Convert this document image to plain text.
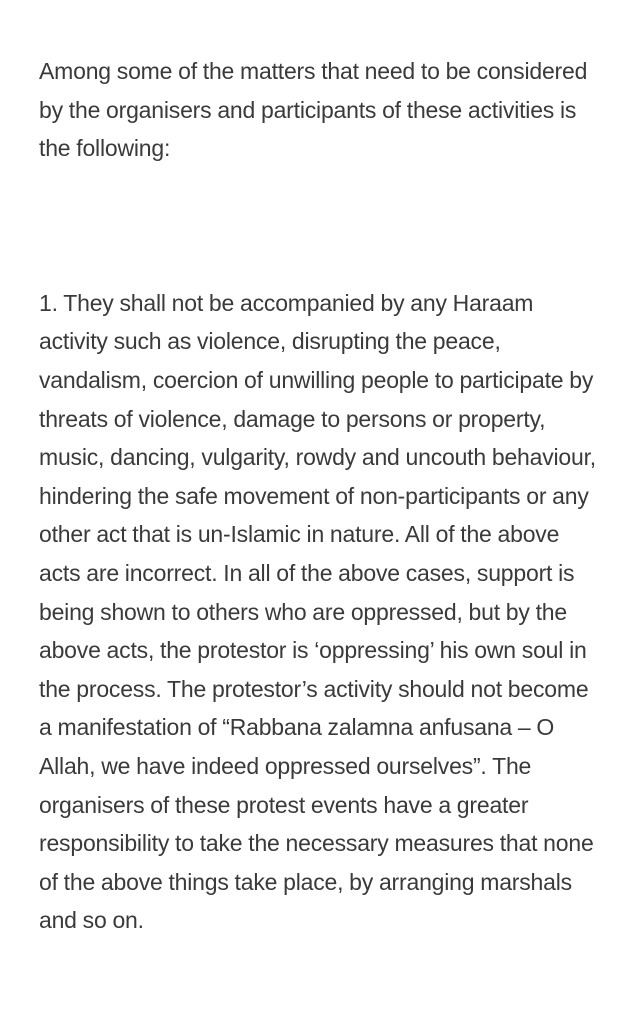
Among some of the matters that need to be considered by the organisers and participants of these activities is the following:

1. They shall not be accompanied by any Haraam activity such as violence, disrupting the peace, vandalism, coercion of unwilling people to participate by threats of violence, damage to persons or property, music, dancing, vulgarity, rowdy and uncouth behaviour, hindering the safe movement of non-participants or any other act that is un-Islamic in nature. All of the above acts are incorrect. In all of the above cases, support is being shown to others who are oppressed, but by the above acts, the protestor is ‘oppressing’ his own soul in the process. The protestor’s activity should not become a manifestation of “Rabbana zalamna anfusana – O Allah, we have indeed oppressed ourselves”. The organisers of these protest events have a greater responsibility to take the necessary measures that none of the above things take place, by arranging marshals and so on.
